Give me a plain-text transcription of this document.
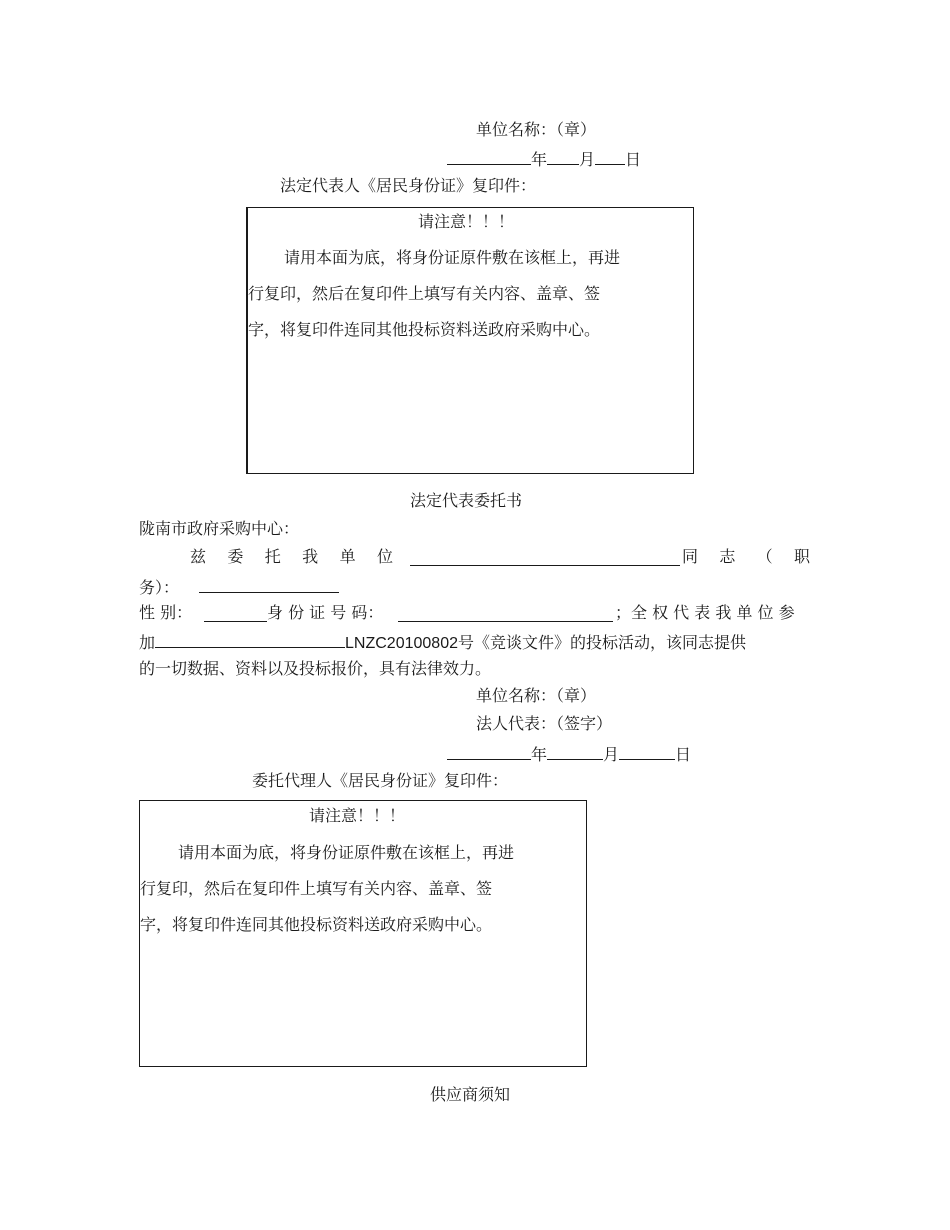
单位名称：（章）
年 月 日
法定代表人《居民身份证》复印件：
请注意！！！
请用本面为底，将身份证原件敷在该框上，再进
行复印，然后在复印件上填写有关内容、盖章、签
字，将复印件连同其他投标资料送政府采购中心。
法定代表委托书
陇南市政府采购中心：
兹 委 托 我 单 位	同 志 （ 职
务）：
性 别：	身 份 证 号 码：	；全 权 代 表 我 单 位 参
加	LNZC20100802号《竞谈文件》的投标活动，该同志提供
的一切数据、资料以及投标报价，具有法律效力。
单位名称：（章）
法人代表：（签字）
年	月	日
委托代理人《居民身份证》复印件：
请注意！！！
请用本面为底，将身份证原件敷在该框上，再进
行复印，然后在复印件上填写有关内容、盖章、签
字，将复印件连同其他投标资料送政府采购中心。
供应商须知
